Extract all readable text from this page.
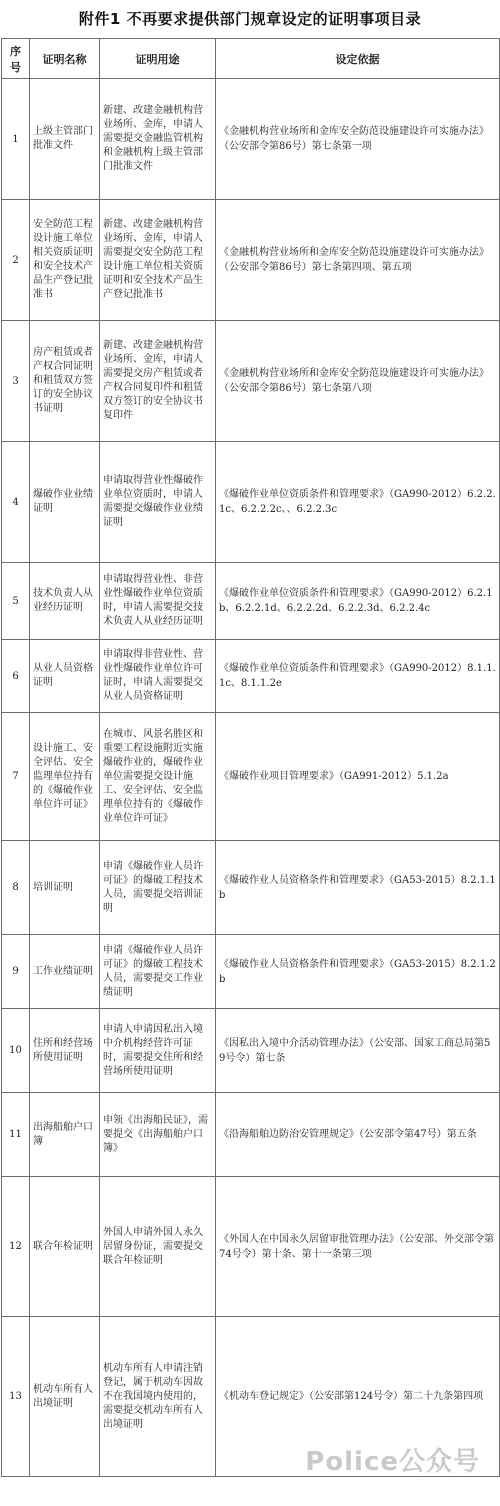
附件1 不再要求提供部门规章设定的证明事项目录
序号	证明名称	证明用途	设定依据
1	上级主管部门批准文件	新建、改建金融机构营业场所、金库，申请人需要提交金融监管机构和金融机构上级主管部门批准文件	《金融机构营业场所和金库安全防范设施建设许可实施办法》（公安部令第86号）第七条第一项
2	安全防范工程设计施工单位相关资质证明和安全技术产品生产登记批准书	新建、改建金融机构营业场所、金库，申请人需要提交安全防范工程设计施工单位相关资质证明和安全技术产品生产登记批准书	《金融机构营业场所和金库安全防范设施建设许可实施办法》（公安部令第86号）第七条第四项、第五项
3	房产租赁或者产权合同证明和租赁双方签订的安全协议书证明	新建、改建金融机构营业场所、金库，申请人需要提交房产租赁或者产权合同复印件和租赁双方签订的安全协议书复印件	《金融机构营业场所和金库安全防范设施建设许可实施办法》（公安部令第86号）第七条第八项
4	爆破作业业绩证明	申请取得营业性爆破作业单位资质时，申请人需要提交爆破作业业绩证明	《爆破作业单位资质条件和管理要求》（GA990-2012）6.2.2.1c、6.2.2.2c、、6.2.2.3c
5	技术负责人从业经历证明	申请取得营业性、非营业性爆破作业单位资质时，申请人需要提交技术负责人从业经历证明	《爆破作业单位资质条件和管理要求》（GA990-2012）6.2.1b、6.2.2.1d、6.2.2.2d、6.2.2.3d、6.2.2.4c
6	从业人员资格证明	申请取得非营业性、营业性爆破作业单位许可证时，申请人需要提交从业人员资格证明	《爆破作业单位资质条件和管理要求》（GA990-2012）8.1.1.1c、8.1.1.2e
7	设计施工、安全评估、安全监理单位持有的《爆破作业单位许可证》	在城市、风景名胜区和重要工程设施附近实施爆破作业的，爆破作业单位需要提交设计施工、安全评估、安全监理单位持有的《爆破作业单位许可证》	《爆破作业项目管理要求》（GA991-2012）5.1.2a
8	培训证明	申请《爆破作业人员许可证》的爆破工程技术人员，需要提交培训证明	《爆破作业人员资格条件和管理要求》（GA53-2015）8.2.1.1b
9	工作业绩证明	申请《爆破作业人员许可证》的爆破工程技术人员，需要提交工作业绩证明	《爆破作业人员资格条件和管理要求》（GA53-2015）8.2.1.2b
10	住所和经营场所使用证明	申请人申请因私出入境中介机构经营许可证时，需要提交住所和经营场所使用证明	《因私出入境中介活动管理办法》（公安部、国家工商总局第59号令）第七条
11	出海船舶户口簿	申领《出海船民证》，需要提交《出海船舶户口簿》	《沿海船舶边防治安管理规定》（公安部令第47号）第五条
12	联合年检证明	外国人申请外国人永久居留身份证，需要提交联合年检证明	《外国人在中国永久居留审批管理办法》（公安部、外交部令第74号令）第十条、第十一条第三项
13	机动车所有人出境证明	机动车所有人申请注销登记，属于机动车因故不在我国境内使用的，需要提交机动车所有人出境证明	《机动车登记规定》（公安部第124号令）第二十九条第四项
Police公众号
